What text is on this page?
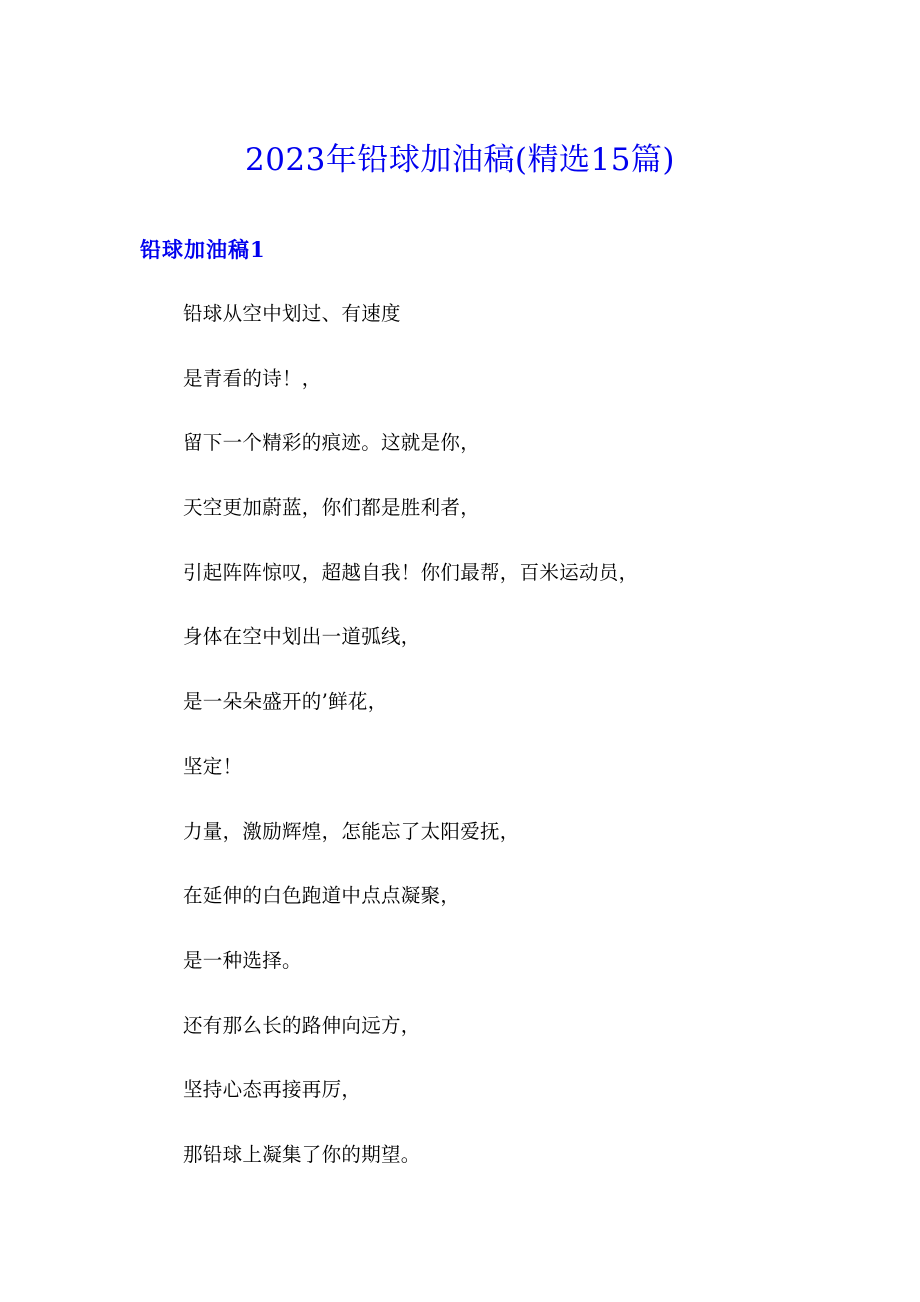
2023年铅球加油稿(精选15篇)
铅球加油稿1
铅球从空中划过、有速度
是青看的诗！，
留下一个精彩的痕迹。这就是你，
天空更加蔚蓝，你们都是胜利者，
引起阵阵惊叹，超越自我！你们最帮，百米运动员，
身体在空中划出一道弧线，
是一朵朵盛开的’鲜花，
坚定！
力量，激励辉煌，怎能忘了太阳爱抚，
在延伸的白色跑道中点点凝聚，
是一种选择。
还有那么长的路伸向远方，
坚持心态再接再厉，
那铅球上凝集了你的期望。
